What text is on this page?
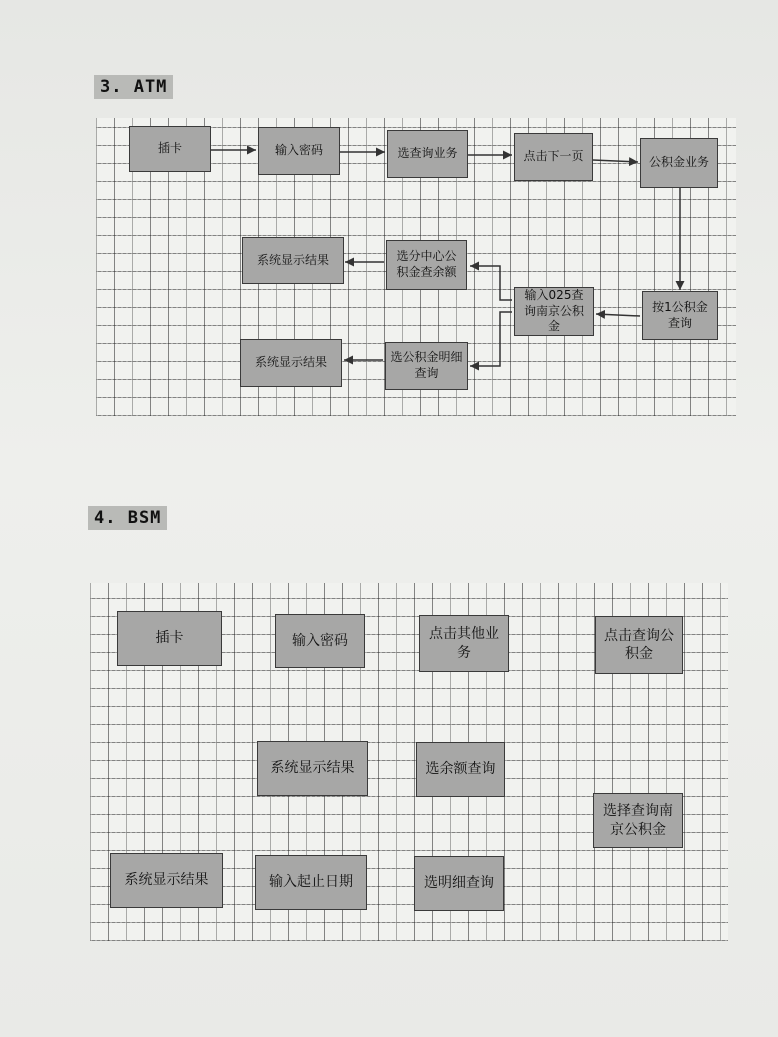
3. ATM
插卡	输入密码	选查询业务	点击下一页	公积金业务
系统显示结果	选分中心公积金查余额
输入025查询南京公积金
按1公积金查询
系统显示结果	选公积金明细查询
4. BSM
插卡	输入密码	点击其他业务
点击查询公积金
系统显示结果	选余额查询
选择查询南京公积金
系统显示结果	输入起止日期	选明细查询
